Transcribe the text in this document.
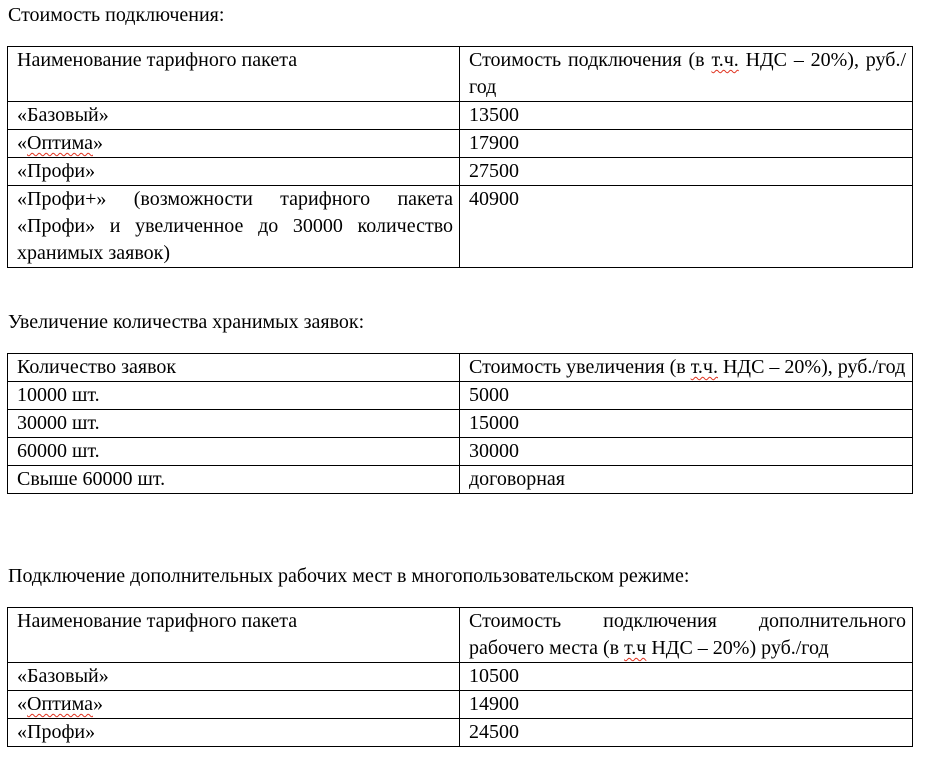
Стоимость подключения:

Наименование тарифного пакета	Стоимость подключения (в т.ч. НДС – 20%), руб./год
«Базовый»	13500
«Оптима»	17900
«Профи»	27500
«Профи+» (возможности тарифного пакета «Профи» и увеличенное до 30000 количество хранимых заявок)	40900

Увеличение количества хранимых заявок:

Количество заявок	Стоимость увеличения (в т.ч. НДС – 20%), руб./год
10000 шт.	5000
30000 шт.	15000
60000 шт.	30000
Свыше 60000 шт.	договорная

Подключение дополнительных рабочих мест в многопользовательском режиме:

Наименование тарифного пакета	Стоимость подключения дополнительного рабочего места (в т.ч НДС – 20%) руб./год
«Базовый»	10500
«Оптима»	14900
«Профи»	24500
